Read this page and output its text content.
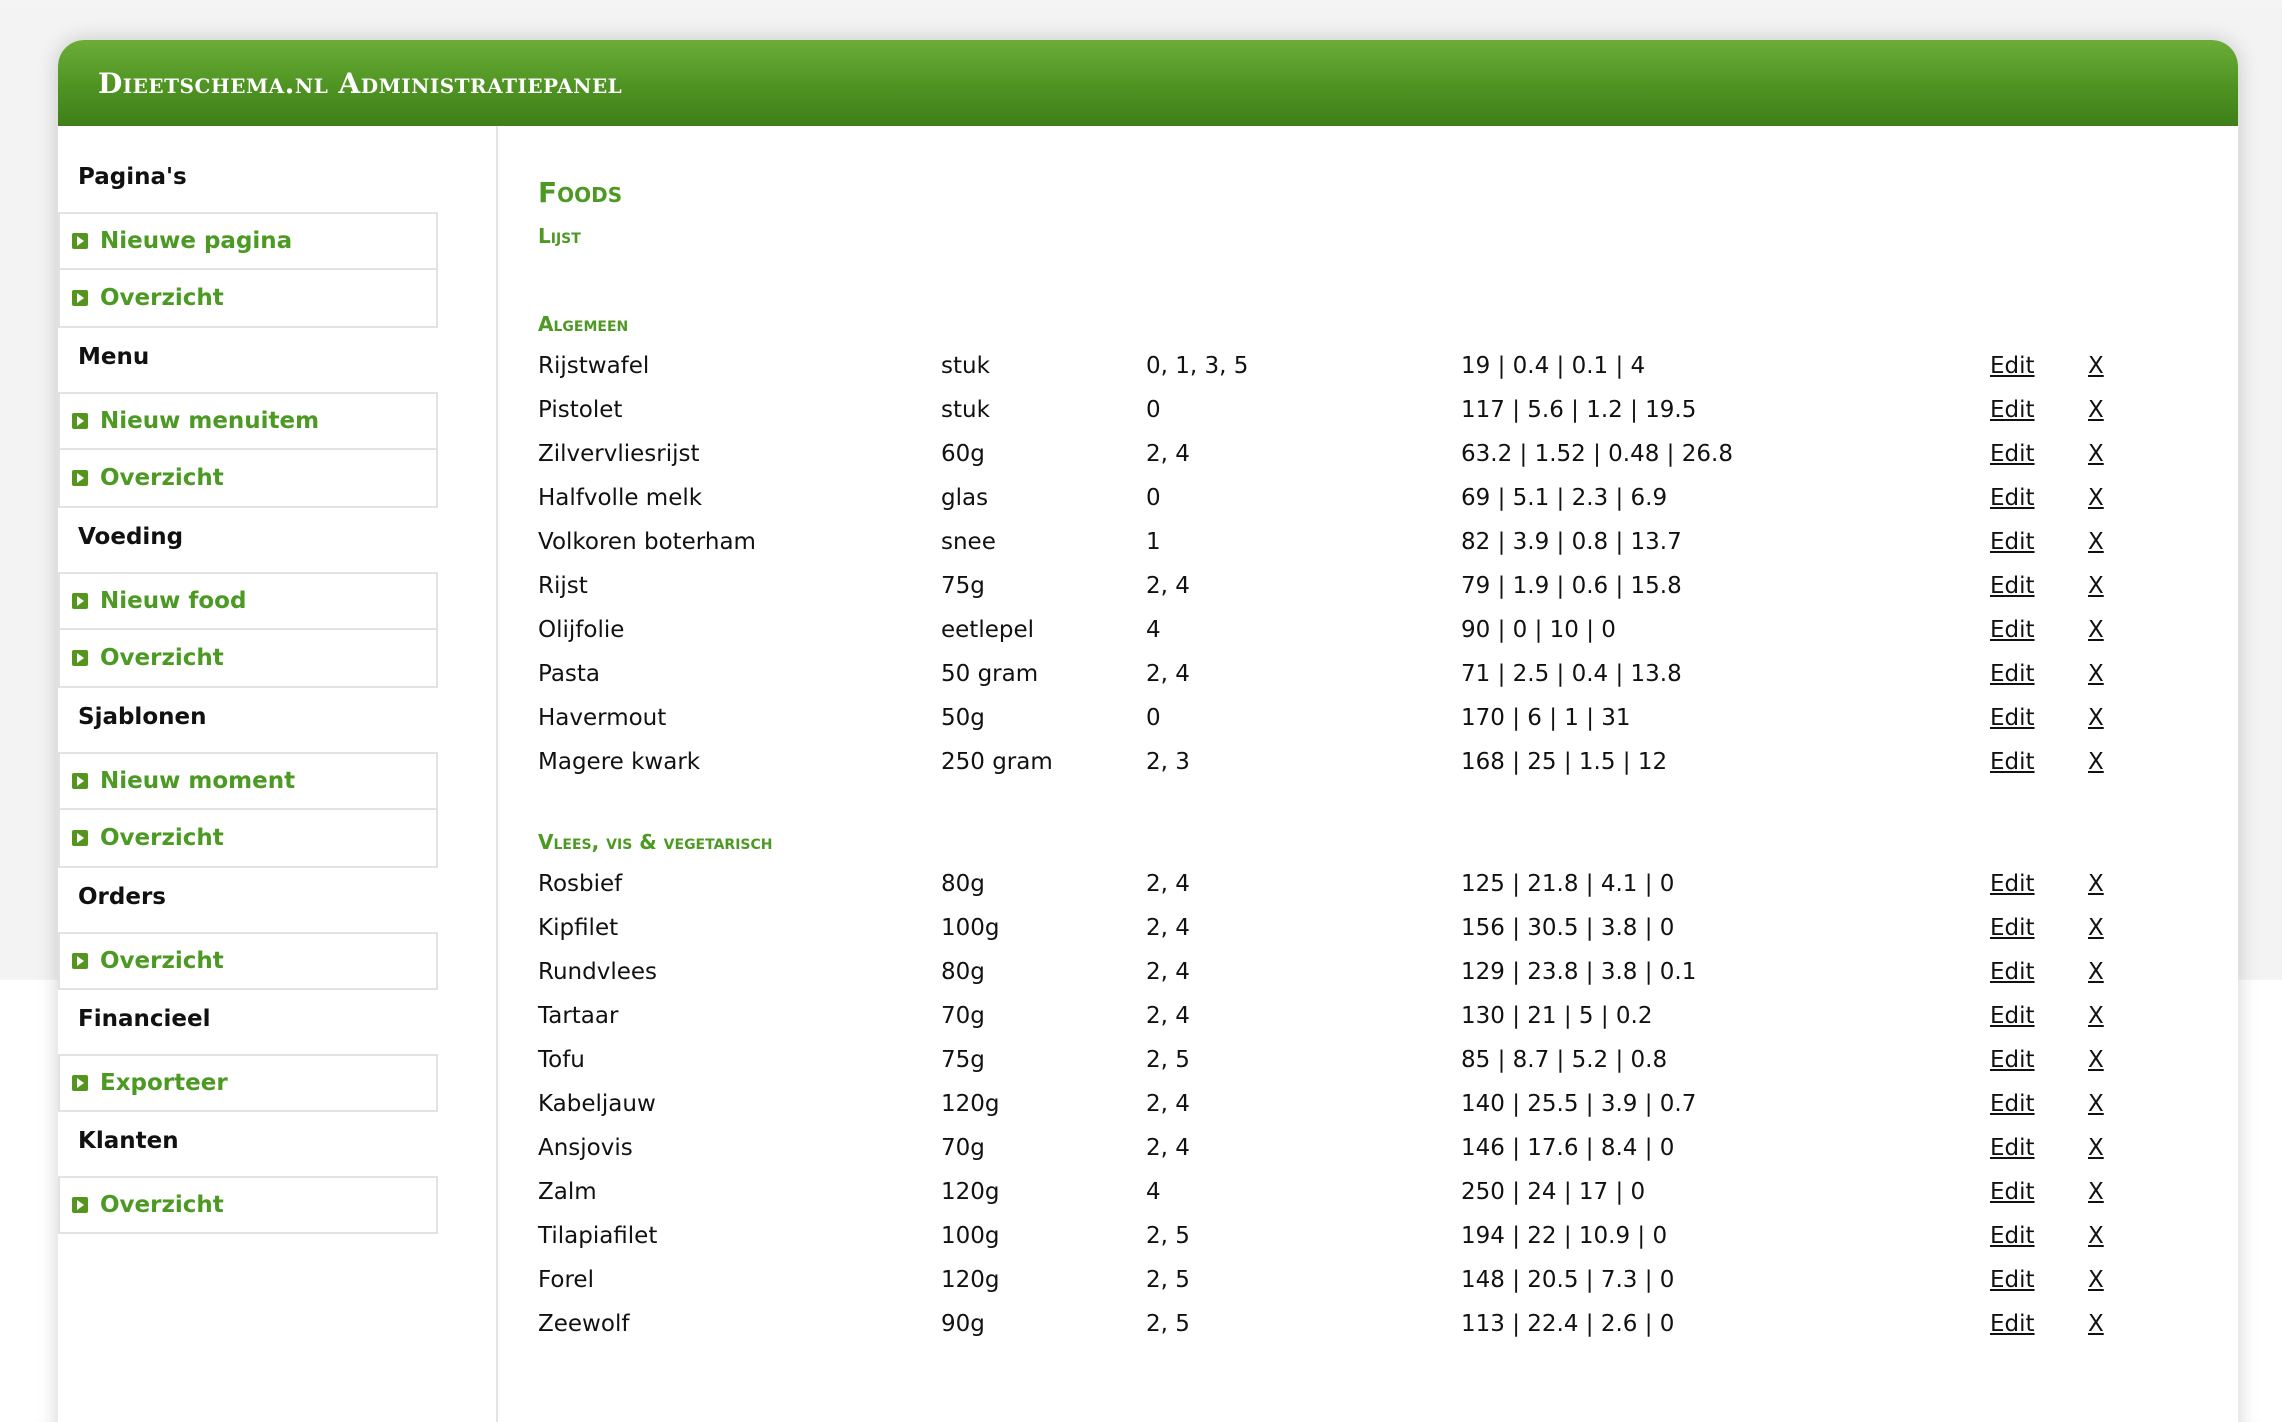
Dieetschema.nl Administratiepanel
Pagina's
Nieuwe pagina
Overzicht
Menu
Nieuw menuitem
Overzicht
Voeding
Nieuw food
Overzicht
Sjablonen
Nieuw moment
Overzicht
Orders
Overzicht
Financieel
Exporteer
Klanten
Overzicht
Foods
Lijst
Algemeen
Rijstwafel	stuk	0, 1, 3, 5	19 | 0.4 | 0.1 | 4	Edit	X
Pistolet	stuk	0	117 | 5.6 | 1.2 | 19.5	Edit	X
Zilvervliesrijst	60g	2, 4	63.2 | 1.52 | 0.48 | 26.8	Edit	X
Halfvolle melk	glas	0	69 | 5.1 | 2.3 | 6.9	Edit	X
Volkoren boterham	snee	1	82 | 3.9 | 0.8 | 13.7	Edit	X
Rijst	75g	2, 4	79 | 1.9 | 0.6 | 15.8	Edit	X
Olijfolie	eetlepel	4	90 | 0 | 10 | 0	Edit	X
Pasta	50 gram	2, 4	71 | 2.5 | 0.4 | 13.8	Edit	X
Havermout	50g	0	170 | 6 | 1 | 31	Edit	X
Magere kwark	250 gram	2, 3	168 | 25 | 1.5 | 12	Edit	X
Vlees, vis & vegetarisch
Rosbief	80g	2, 4	125 | 21.8 | 4.1 | 0	Edit	X
Kipfilet	100g	2, 4	156 | 30.5 | 3.8 | 0	Edit	X
Rundvlees	80g	2, 4	129 | 23.8 | 3.8 | 0.1	Edit	X
Tartaar	70g	2, 4	130 | 21 | 5 | 0.2	Edit	X
Tofu	75g	2, 5	85 | 8.7 | 5.2 | 0.8	Edit	X
Kabeljauw	120g	2, 4	140 | 25.5 | 3.9 | 0.7	Edit	X
Ansjovis	70g	2, 4	146 | 17.6 | 8.4 | 0	Edit	X
Zalm	120g	4	250 | 24 | 17 | 0	Edit	X
Tilapiafilet	100g	2, 5	194 | 22 | 10.9 | 0	Edit	X
Forel	120g	2, 5	148 | 20.5 | 7.3 | 0	Edit	X
Zeewolf	90g	2, 5	113 | 22.4 | 2.6 | 0	Edit	X
